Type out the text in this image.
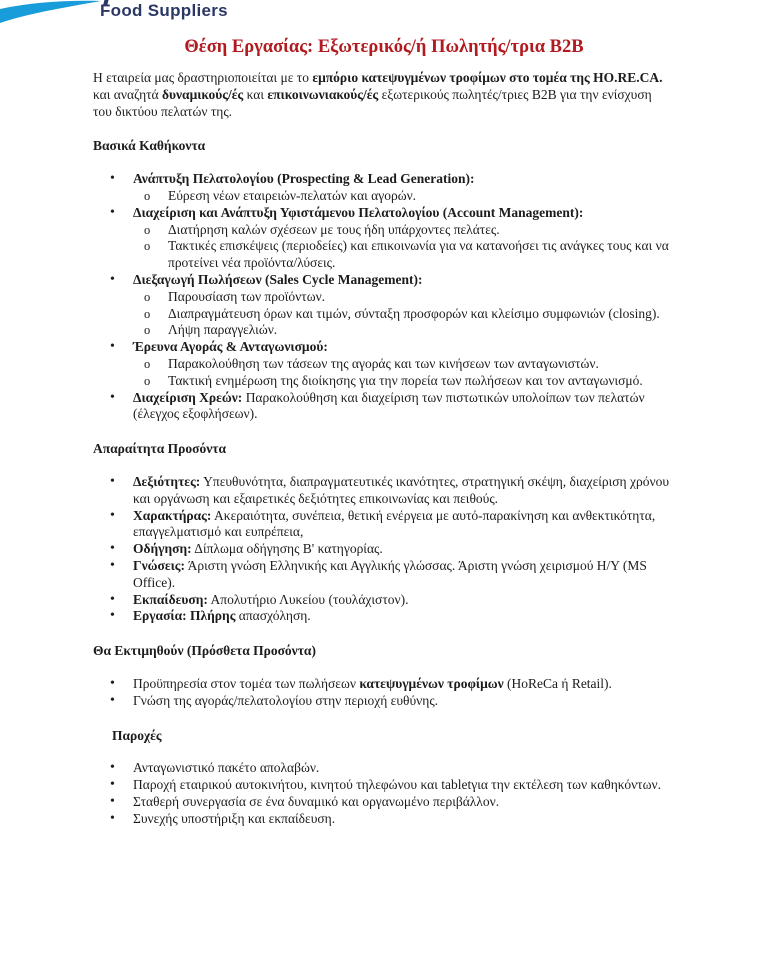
Food Suppliers
Θέση Εργασίας: Εξωτερικός/ή Πωλητής/τρια B2B

Η εταιρεία μας δραστηριοποιείται με το εμπόριο κατεψυγμένων τροφίμων στο τομέα της HO.RE.CA. και αναζητά δυναμικούς/ές και επικοινωνιακούς/ές εξωτερικούς πωλητές/τριες B2B για την ενίσχυση του δικτύου πελατών της.

Βασικά Καθήκοντα
• Ανάπτυξη Πελατολογίου (Prospecting & Lead Generation):
o Εύρεση νέων εταιρειών-πελατών και αγορών.
• Διαχείριση και Ανάπτυξη Υφιστάμενου Πελατολογίου (Account Management):
o Διατήρηση καλών σχέσεων με τους ήδη υπάρχοντες πελάτες.
o Τακτικές επισκέψεις (περιοδείες) και επικοινωνία για να κατανοήσει τις ανάγκες τους και να προτείνει νέα προϊόντα/λύσεις.
• Διεξαγωγή Πωλήσεων (Sales Cycle Management):
o Παρουσίαση των προϊόντων.
o Διαπραγμάτευση όρων και τιμών, σύνταξη προσφορών και κλείσιμο συμφωνιών (closing).
o Λήψη παραγγελιών.
• Έρευνα Αγοράς & Ανταγωνισμού:
o Παρακολούθηση των τάσεων της αγοράς και των κινήσεων των ανταγωνιστών.
o Τακτική ενημέρωση της διοίκησης για την πορεία των πωλήσεων και τον ανταγωνισμό.
• Διαχείριση Χρεών: Παρακολούθηση και διαχείριση των πιστωτικών υπολοίπων των πελατών (έλεγχος εξοφλήσεων).
Απαραίτητα Προσόντα
• Δεξιότητες: Υπευθυνότητα, διαπραγματευτικές ικανότητες, στρατηγική σκέψη, διαχείριση χρόνου και οργάνωση και εξαιρετικές δεξιότητες επικοινωνίας και πειθούς.
• Χαρακτήρας: Ακεραιότητα, συνέπεια, θετική ενέργεια με αυτό-παρακίνηση και ανθεκτικότητα, επαγγελματισμό και ευπρέπεια,
• Οδήγηση: Δίπλωμα οδήγησης Β' κατηγορίας.
• Γνώσεις: Άριστη γνώση Ελληνικής και Αγγλικής γλώσσας. Άριστη γνώση χειρισμού Η/Υ (MS Office).
• Εκπαίδευση: Απολυτήριο Λυκείου (τουλάχιστον).
• Εργασία: Πλήρης απασχόληση.
Θα Εκτιμηθούν (Πρόσθετα Προσόντα)
• Προϋπηρεσία στον τομέα των πωλήσεων κατεψυγμένων τροφίμων (HoReCa ή Retail).
• Γνώση της αγοράς/πελατολογίου στην περιοχή ευθύνης.
Παροχές
• Ανταγωνιστικό πακέτο απολαβών.
• Παροχή εταιρικού αυτοκινήτου, κινητού τηλεφώνου και tabletγια την εκτέλεση των καθηκόντων.
• Σταθερή συνεργασία σε ένα δυναμικό και οργανωμένο περιβάλλον.
• Συνεχής υποστήριξη και εκπαίδευση.
